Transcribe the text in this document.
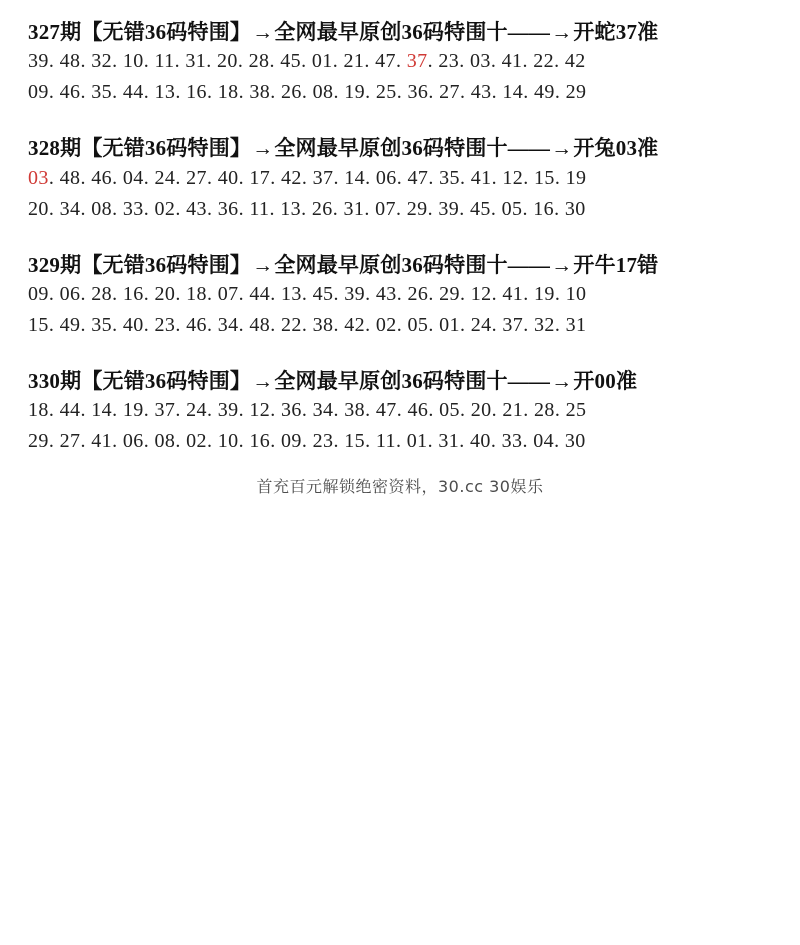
327期【无错36码特围】→全网最早原创36码特围十——→开蛇37准
39. 48. 32. 10. 11. 31. 20. 28. 45. 01. 21. 47. 37. 23. 03. 41. 22. 42
09. 46. 35. 44. 13. 16. 18. 38. 26. 08. 19. 25. 36. 27. 43. 14. 49. 29
328期【无错36码特围】→全网最早原创36码特围十——→开兔03准
03. 48. 46. 04. 24. 27. 40. 17. 42. 37. 14. 06. 47. 35. 41. 12. 15. 19
20. 34. 08. 33. 02. 43. 36. 11. 13. 26. 31. 07. 29. 39. 45. 05. 16. 30
329期【无错36码特围】→全网最早原创36码特围十——→开牛17错
09. 06. 28. 16. 20. 18. 07. 44. 13. 45. 39. 43. 26. 29. 12. 41. 19. 10
15. 49. 35. 40. 23. 46. 34. 48. 22. 38. 42. 02. 05. 01. 24. 37. 32. 31
330期【无错36码特围】→全网最早原创36码特围十——→开00准
18. 44. 14. 19. 37. 24. 39. 12. 36. 34. 38. 47. 46. 05. 20. 21. 28. 25
29. 27. 41. 06. 08. 02. 10. 16. 09. 23. 15. 11. 01. 31. 40. 33. 04. 30
首充百元解锁绝密资料，30.cc 30娱乐
